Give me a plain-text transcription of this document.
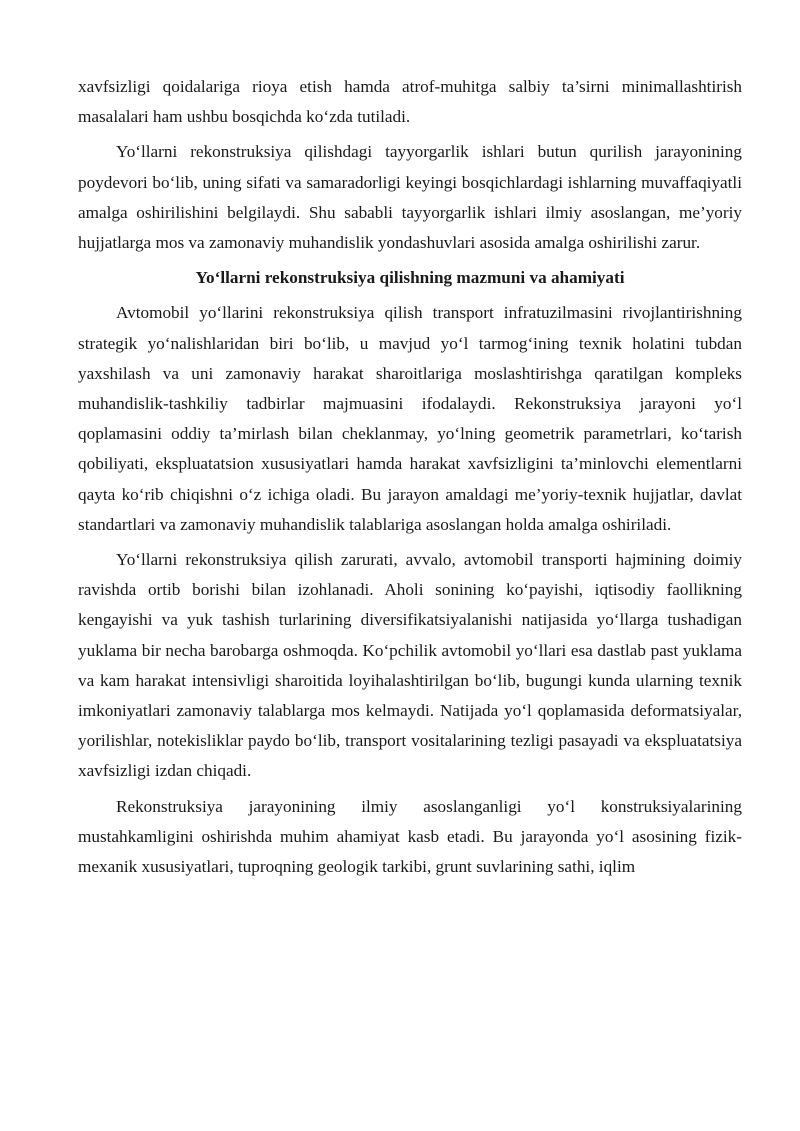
xavfsizligi qoidalariga rioya etish hamda atrof-muhitga salbiy ta’sirni minimallashtirish masalalari ham ushbu bosqichda ko‘zda tutiladi.

Yo‘llarni rekonstruksiya qilishdagi tayyorgarlik ishlari butun qurilish jarayonining poydevori bo‘lib, uning sifati va samaradorligi keyingi bosqichlardagi ishlarning muvaffaqiyatli amalga oshirilishini belgilaydi. Shu sababli tayyorgarlik ishlari ilmiy asoslangan, me’yoriy hujjatlarga mos va zamonaviy muhandislik yondashuvlari asosida amalga oshirilishi zarur.

Yo‘llarni rekonstruksiya qilishning mazmuni va ahamiyati

Avtomobil yo‘llarini rekonstruksiya qilish transport infratuzilmasini rivojlantirishning strategik yo‘nalishlaridan biri bo‘lib, u mavjud yo‘l tarmog‘ining texnik holatini tubdan yaxshilash va uni zamonaviy harakat sharoitlariga moslashtirishga qaratilgan kompleks muhandislik-tashkiliy tadbirlar majmuasini ifodalaydi. Rekonstruksiya jarayoni yo‘l qoplamasini oddiy ta’mirlash bilan cheklanmay, yo‘lning geometrik parametrlari, ko‘tarish qobiliyati, ekspluatatsion xususiyatlari hamda harakat xavfsizligini ta’minlovchi elementlarni qayta ko‘rib chiqishni o‘z ichiga oladi. Bu jarayon amaldagi me’yoriy-texnik hujjatlar, davlat standartlari va zamonaviy muhandislik talablariga asoslangan holda amalga oshiriladi.

Yo‘llarni rekonstruksiya qilish zarurati, avvalo, avtomobil transporti hajmining doimiy ravishda ortib borishi bilan izohlanadi. Aholi sonining ko‘payishi, iqtisodiy faollikning kengayishi va yuk tashish turlarining diversifikatsiyalanishi natijasida yo‘llarga tushadigan yuklama bir necha barobarga oshmoqda. Ko‘pchilik avtomobil yo‘llari esa dastlab past yuklama va kam harakat intensivligi sharoitida loyihalashtirilgan bo‘lib, bugungi kunda ularning texnik imkoniyatlari zamonaviy talablarga mos kelmaydi. Natijada yo‘l qoplamasida deformatsiyalar, yorilishlar, notekisliklar paydo bo‘lib, transport vositalarining tezligi pasayadi va ekspluatatsiya xavfsizligi izdan chiqadi.

Rekonstruksiya jarayonining ilmiy asoslanganligi yo‘l konstruksiyalarining mustahkamligini oshirishda muhim ahamiyat kasb etadi. Bu jarayonda yo‘l asosining fizik-mexanik xususiyatlari, tuproqning geologik tarkibi, grunt suvlarining sathi, iqlim
